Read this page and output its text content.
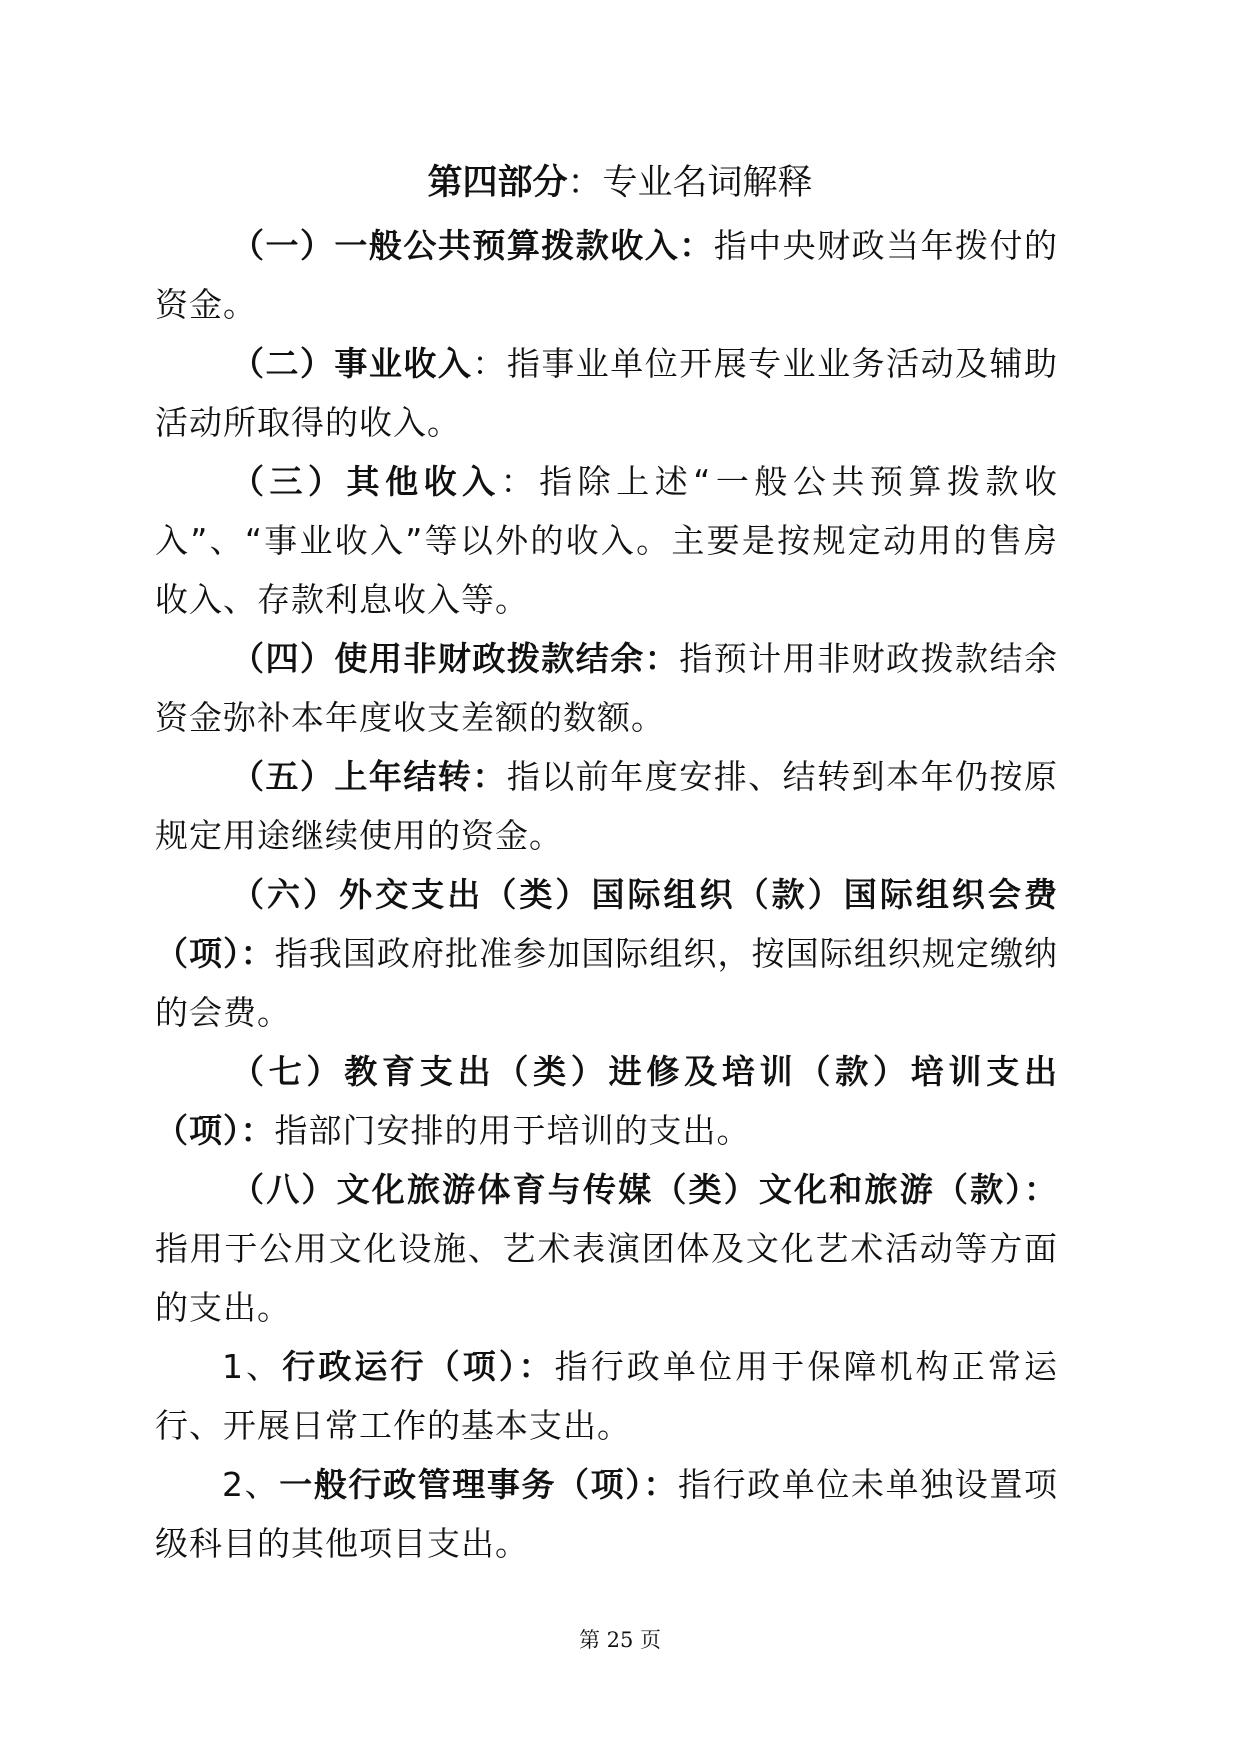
第四部分：专业名词解释

（一）一般公共预算拨款收入：指中央财政当年拨付的资金。

（二）事业收入：指事业单位开展专业业务活动及辅助活动所取得的收入。

（三）其他收入：指除上述“一般公共预算拨款收入”、“事业收入”等以外的收入。主要是按规定动用的售房收入、存款利息收入等。

（四）使用非财政拨款结余：指预计用非财政拨款结余资金弥补本年度收支差额的数额。

（五）上年结转：指以前年度安排、结转到本年仍按原规定用途继续使用的资金。

（六）外交支出（类）国际组织（款）国际组织会费（项）：指我国政府批准参加国际组织，按国际组织规定缴纳的会费。

（七）教育支出（类）进修及培训（款）培训支出（项）：指部门安排的用于培训的支出。

（八）文化旅游体育与传媒（类）文化和旅游（款）：指用于公用文化设施、艺术表演团体及文化艺术活动等方面的支出。

1、行政运行（项）：指行政单位用于保障机构正常运行、开展日常工作的基本支出。

2、一般行政管理事务（项）：指行政单位未单独设置项级科目的其他项目支出。

第 25 页
